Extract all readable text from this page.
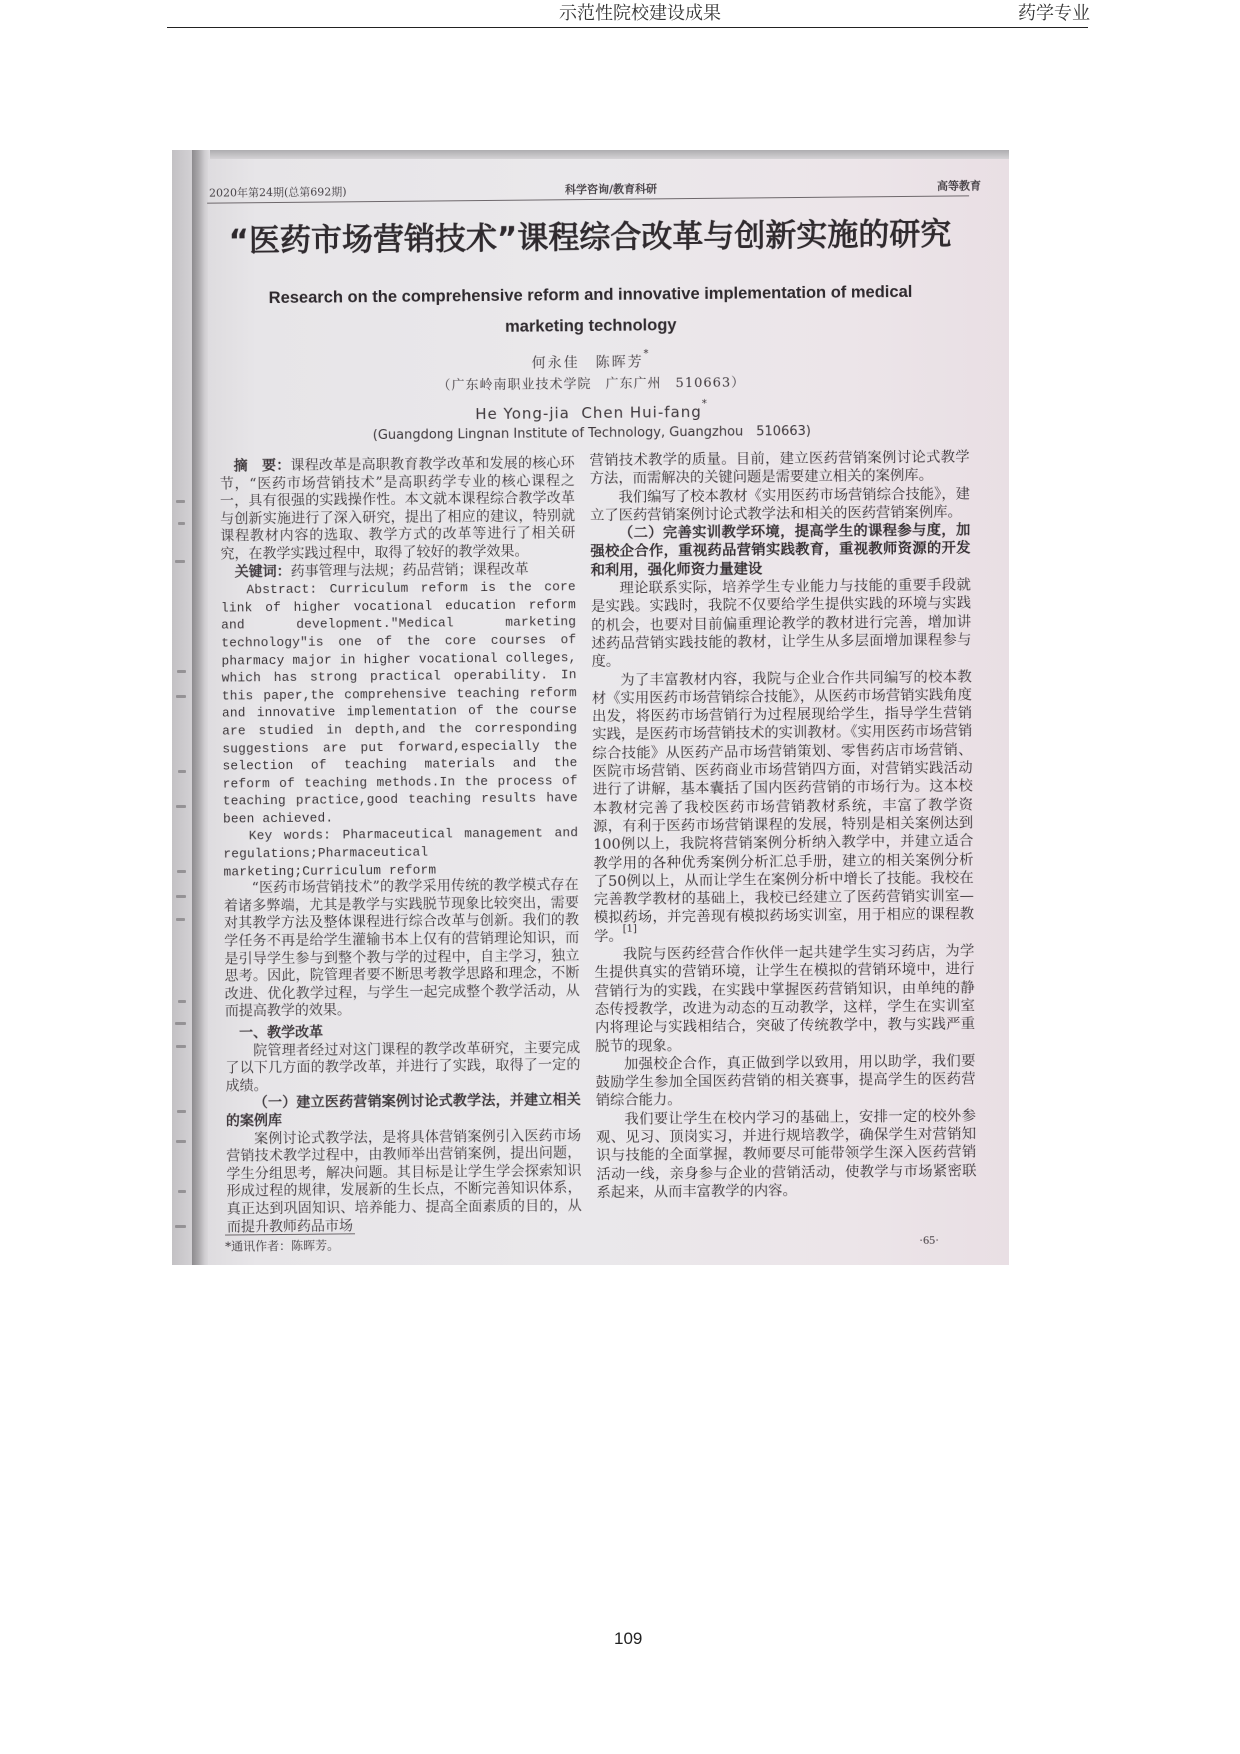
示范性院校建设成果	药学专业
2020年第24期(总第692期)	科学咨询/教育科研	高等教育
“医药市场营销技术”课程综合改革与创新实施的研究
Research on the comprehensive reform and innovative implementation of medical
marketing technology
何永佳　 陈晖芳*
（广东岭南职业技术学院　广东广州　510663）
He Yong-jia Chen Hui-fang*
(Guangdong Lingnan Institute of Technology, Guangzhou　510663)

摘　要：课程改革是高职教育教学改革和发展的核心环节，“医药市场营销技术”是高职药学专业的核心课程之一，具有很强的实践操作性。本文就本课程综合教学改革与创新实施进行了深入研究，提出了相应的建议，特别就课程教材内容的选取、教学方式的改革等进行了相关研究，在教学实践过程中，取得了较好的教学效果。

关键词：药事管理与法规；药品营销；课程改革

Abstract: Curriculum reform is the core link of higher vocational education reform and development."Medical marketing technology"is one of the core courses of pharmacy major in higher vocational colleges, which has strong practical operability. In this paper,the comprehensive teaching reform and innovative implementation of the course are studied in depth,and the corresponding suggestions are put forward,especially the selection of teaching materials and the reform of teaching methods.In the process of teaching practice,good teaching results have been achieved.

Key words: Pharmaceutical management and regulations;Pharmaceutical marketing;Curriculum reform

“医药市场营销技术”的教学采用传统的教学模式存在着诸多弊端，尤其是教学与实践脱节现象比较突出，需要对其教学方法及整体课程进行综合改革与创新。我们的教学任务不再是给学生灌输书本上仅有的营销理论知识，而是引导学生参与到整个教与学的过程中，自主学习，独立思考。因此，院管理者要不断思考教学思路和理念，不断改进、优化教学过程，与学生一起完成整个教学活动，从而提高教学的效果。

一、教学改革

院管理者经过对这门课程的教学改革研究，主要完成了以下几方面的教学改革，并进行了实践，取得了一定的成绩。

（一）建立医药营销案例讨论式教学法，并建立相关的案例库

案例讨论式教学法，是将具体营销案例引入医药市场营销技术教学过程中，由教师举出营销案例，提出问题，学生分组思考，解决问题。其目标是让学生学会探索知识形成过程的规律，发展新的生长点，不断完善知识体系，真正达到巩固知识、培养能力、提高全面素质的目的，从而提升教师药品市场

营销技术教学的质量。目前，建立医药营销案例讨论式教学方法，而需解决的关键问题是需要建立相关的案例库。

我们编写了校本教材《实用医药市场营销综合技能》，建立了医药营销案例讨论式教学法和相关的医药营销案例库。

（二）完善实训教学环境，提高学生的课程参与度，加强校企合作，重视药品营销实践教育，重视教师资源的开发和利用，强化师资力量建设

理论联系实际，培养学生专业能力与技能的重要手段就是实践。实践时，我院不仅要给学生提供实践的环境与实践的机会，也要对目前偏重理论教学的教材进行完善，增加讲述药品营销实践技能的教材，让学生从多层面增加课程参与度。

为了丰富教材内容，我院与企业合作共同编写的校本教材《实用医药市场营销综合技能》，从医药市场营销实践角度出发，将医药市场营销行为过程展现给学生，指导学生营销实践，是医药市场营销技术的实训教材。《实用医药市场营销综合技能》从医药产品市场营销策划、零售药店市场营销、医院市场营销、医药商业市场营销四方面，对营销实践活动进行了讲解，基本囊括了国内医药营销的市场行为。这本校本教材完善了我校医药市场营销教材系统，丰富了教学资源，有利于医药市场营销课程的发展，特别是相关案例达到100例以上，我院将营销案例分析纳入教学中，并建立适合教学用的各种优秀案例分析汇总手册，建立的相关案例分析了50例以上，从而让学生在案例分析中增长了技能。我校在完善教学教材的基础上，我校已经建立了医药营销实训室—模拟药场，并完善现有模拟药场实训室，用于相应的课程教学。[1]

我院与医药经营合作伙伴一起共建学生实习药店，为学生提供真实的营销环境，让学生在模拟的营销环境中，进行营销行为的实践，在实践中掌握医药营销知识，由单纯的静态传授教学，改进为动态的互动教学，这样，学生在实训室内将理论与实践相结合，突破了传统教学中，教与实践严重脱节的现象。

加强校企合作，真正做到学以致用，用以助学，我们要鼓励学生参加全国医药营销的相关赛事，提高学生的医药营销综合能力。

我们要让学生在校内学习的基础上，安排一定的校外参观、见习、顶岗实习，并进行规培教学，确保学生对营销知识与技能的全面掌握，教师要尽可能带领学生深入医药营销活动一线，亲身参与企业的营销活动，使教学与市场紧密联系起来，从而丰富教学的内容。

*通讯作者：陈晖芳。	·65·
109
